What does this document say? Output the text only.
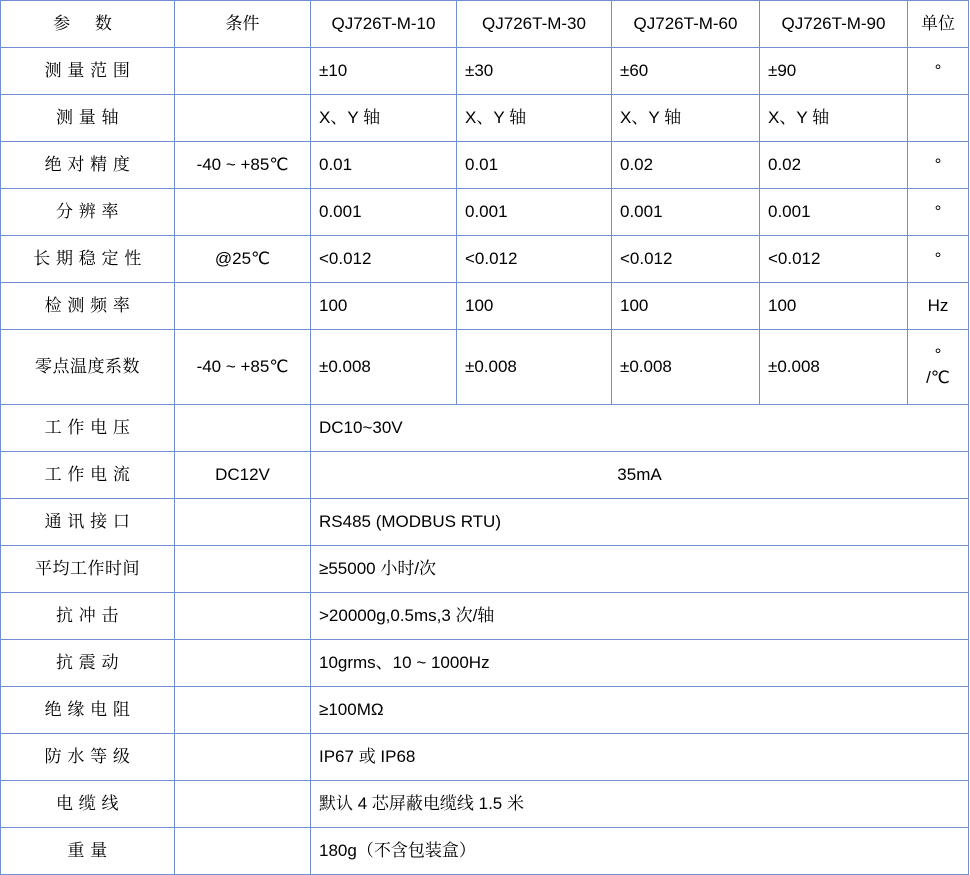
参 数	条件	QJ726T-M-10	QJ726T-M-30	QJ726T-M-60	QJ726T-M-90	单位
测 量 范 围		±10	±30	±60	±90	°
测 量 轴		X、Y 轴	X、Y 轴	X、Y 轴	X、Y 轴	
绝 对 精 度	-40 ~ +85℃	0.01	0.01	0.02	0.02	°
分 辨 率		0.001	0.001	0.001	0.001	°
长 期 稳 定 性	@25℃	<0.012	<0.012	<0.012	<0.012	°
检 测 频 率		100	100	100	100	Hz
零点温度系数	-40 ~ +85℃	±0.008	±0.008	±0.008	±0.008	°
/℃
工 作 电 压		DC10~30V				
工 作 电 流	DC12V	35mA				
通 讯 接 口		RS485 (MODBUS RTU)				
平均工作时间		≥55000 小时/次				
抗 冲 击		>20000g,0.5ms,3 次/轴				
抗 震 动		10grms、10 ~ 1000Hz				
绝 缘 电 阻		≥100MΩ				
防 水 等 级		IP67 或 IP68				
电 缆 线		默认 4 芯屏蔽电缆线 1.5 米				
重 量		180g（不含包装盒）				
